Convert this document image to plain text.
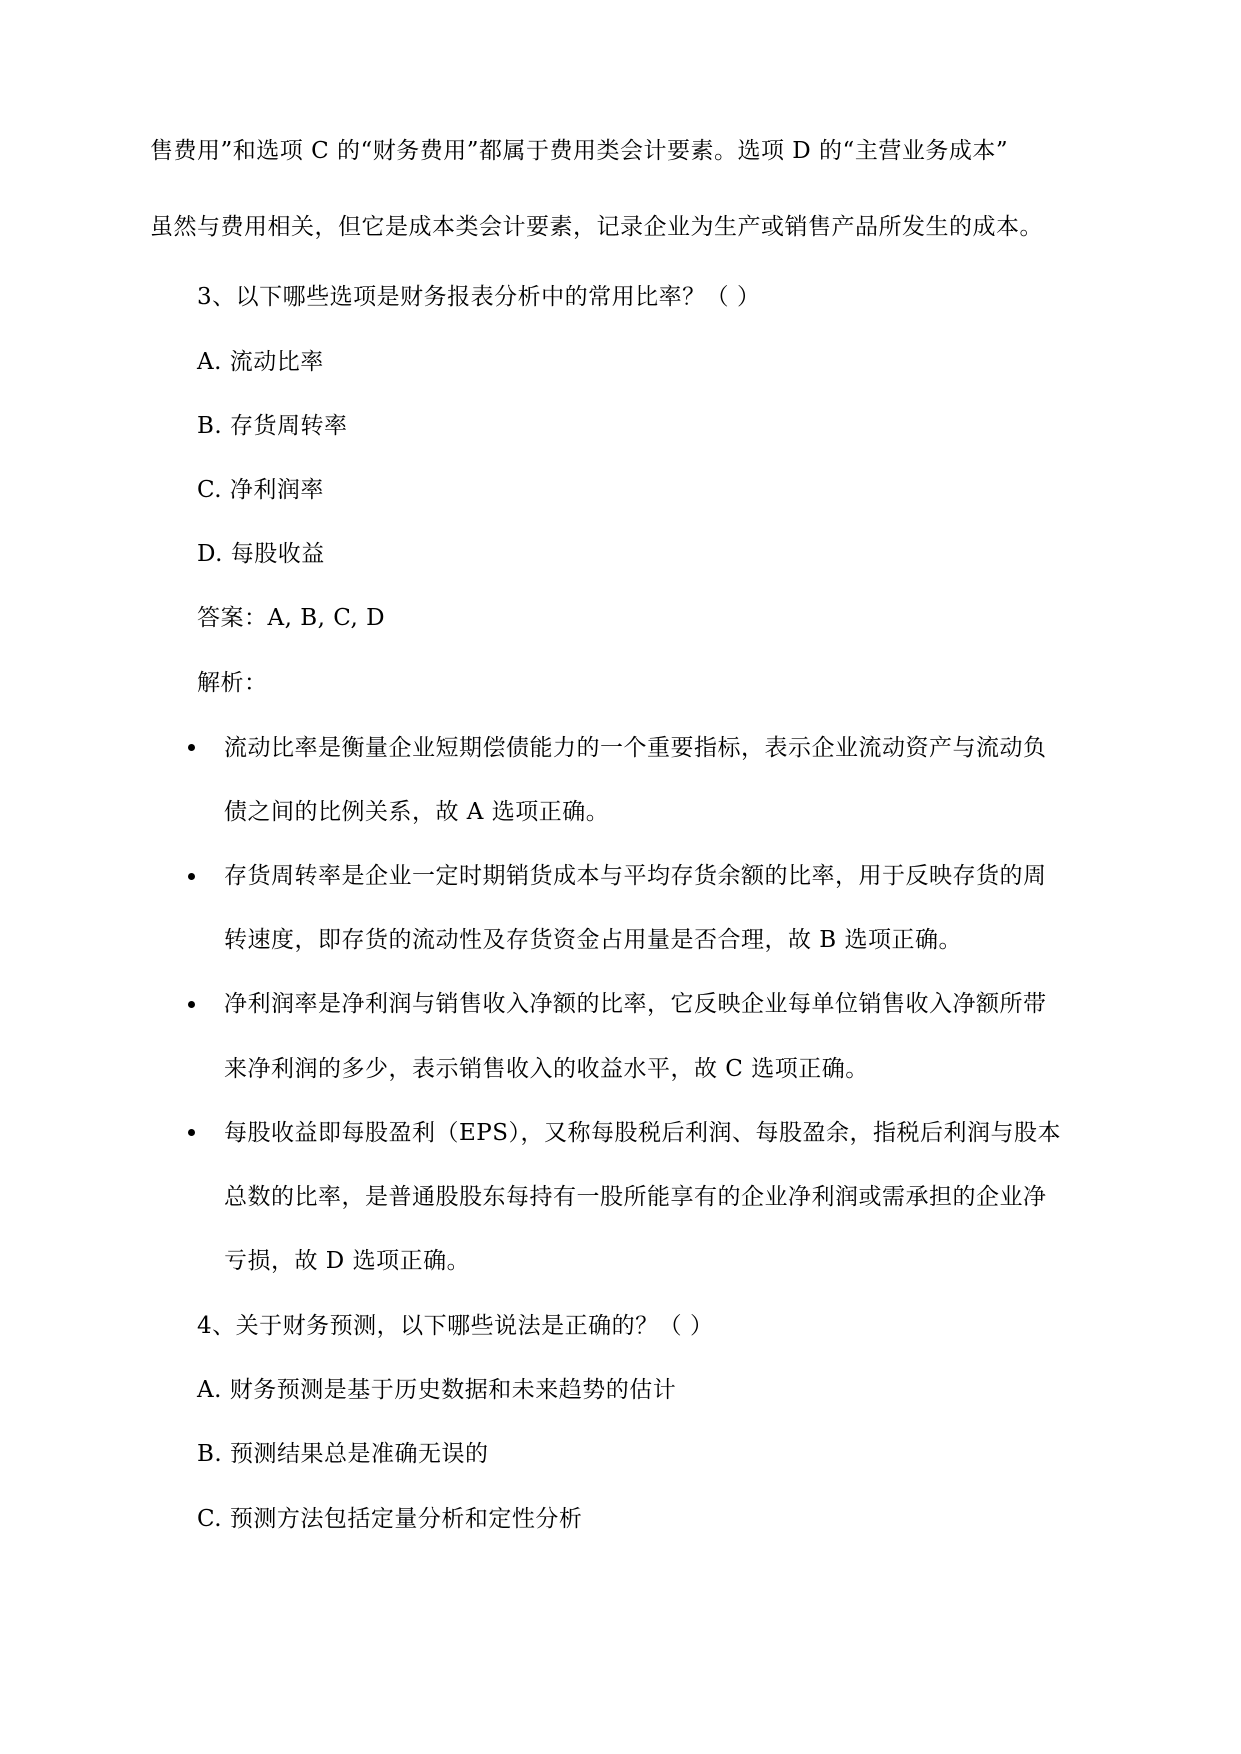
售费用”和选项 C 的“财务费用”都属于费用类会计要素。选项 D 的“主营业务成本”
虽然与费用相关，但它是成本类会计要素，记录企业为生产或销售产品所发生的成本。
3、以下哪些选项是财务报表分析中的常用比率？（ ）
A. 流动比率
B. 存货周转率
C. 净利润率
D. 每股收益
答案：A, B, C, D
解析：
流动比率是衡量企业短期偿债能力的一个重要指标，表示企业流动资产与流动负
债之间的比例关系，故 A 选项正确。
存货周转率是企业一定时期销货成本与平均存货余额的比率，用于反映存货的周
转速度，即存货的流动性及存货资金占用量是否合理，故 B 选项正确。
净利润率是净利润与销售收入净额的比率，它反映企业每单位销售收入净额所带
来净利润的多少，表示销售收入的收益水平，故 C 选项正确。
每股收益即每股盈利（EPS），又称每股税后利润、每股盈余，指税后利润与股本
总数的比率，是普通股股东每持有一股所能享有的企业净利润或需承担的企业净
亏损，故 D 选项正确。
4、关于财务预测，以下哪些说法是正确的？（ ）
A. 财务预测是基于历史数据和未来趋势的估计
B. 预测结果总是准确无误的
C. 预测方法包括定量分析和定性分析
